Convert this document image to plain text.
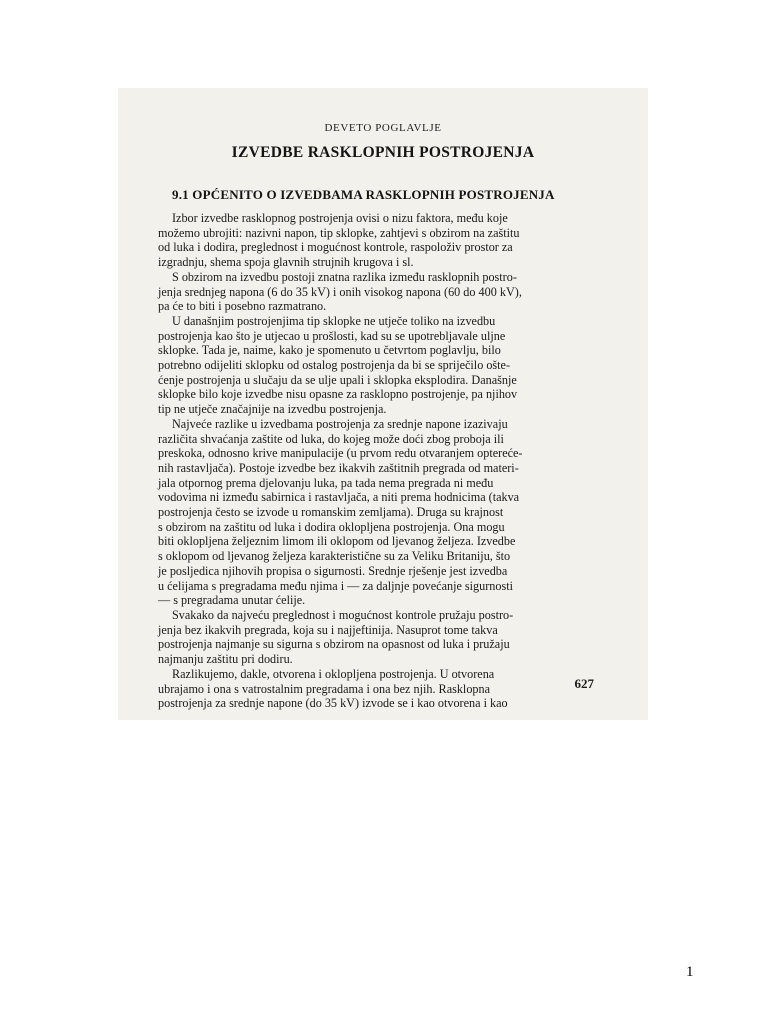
DEVETO POGLAVLJE
IZVEDBE RASKLOPNIH POSTROJENJA
9.1 OPĆENITO O IZVEDBAMA RASKLOPNIH POSTROJENJA

Izbor izvedbe rasklopnog postrojenja ovisi o nizu faktora, među koje
možemo ubrojiti: nazivni napon, tip sklopke, zahtjevi s obzirom na zaštitu
od luka i dodira, preglednost i mogućnost kontrole, raspoloživ prostor za
izgradnju, shema spoja glavnih strujnih krugova i sl.

S obzirom na izvedbu postoji znatna razlika između rasklopnih postro-
jenja srednjeg napona (6 do 35 kV) i onih visokog napona (60 do 400 kV),
pa će to biti i posebno razmatrano.

U današnjim postrojenjima tip sklopke ne utječe toliko na izvedbu
postrojenja kao što je utjecao u prošlosti, kad su se upotrebljavale uljne
sklopke. Tada je, naime, kako je spomenuto u četvrtom poglavlju, bilo
potrebno odijeliti sklopku od ostalog postrojenja da bi se spriječilo ošte-
ćenje postrojenja u slučaju da se ulje upali i sklopka eksplodira. Današnje
sklopke bilo koje izvedbe nisu opasne za rasklopno postrojenje, pa njihov
tip ne utječe značajnije na izvedbu postrojenja.

Najveće razlike u izvedbama postrojenja za srednje napone izazivaju
različita shvaćanja zaštite od luka, do kojeg može doći zbog proboja ili
preskoka, odnosno krive manipulacije (u prvom redu otvaranjem optereće-
nih rastavljača). Postoje izvedbe bez ikakvih zaštitnih pregrada od materi-
jala otpornog prema djelovanju luka, pa tada nema pregrada ni među
vodovima ni između sabirnica i rastavljača, a niti prema hodnicima (takva
postrojenja često se izvode u romanskim zemljama). Druga su krajnost
s obzirom na zaštitu od luka i dodira oklopljena postrojenja. Ona mogu
biti oklopljena željeznim limom ili oklopom od ljevanog željeza. Izvedbe
s oklopom od ljevanog željeza karakteristične su za Veliku Britaniju, što
je posljedica njihovih propisa o sigurnosti. Srednje rješenje jest izvedba
u ćelijama s pregradama među njima i — za daljnje povećanje sigurnosti
— s pregradama unutar ćelije.

Svakako da najveću preglednost i mogućnost kontrole pružaju postro-
jenja bez ikakvih pregrada, koja su i najjeftinija. Nasuprot tome takva
postrojenja najmanje su sigurna s obzirom na opasnost od luka i pružaju
najmanju zaštitu pri dodiru.

Razlikujemo, dakle, otvorena i oklopljena postrojenja. U otvorena
ubrajamo i ona s vatrostalnim pregradama i ona bez njih. Rasklopna
postrojenja za srednje napone (do 35 kV) izvode se i kao otvorena i kao

627
1
